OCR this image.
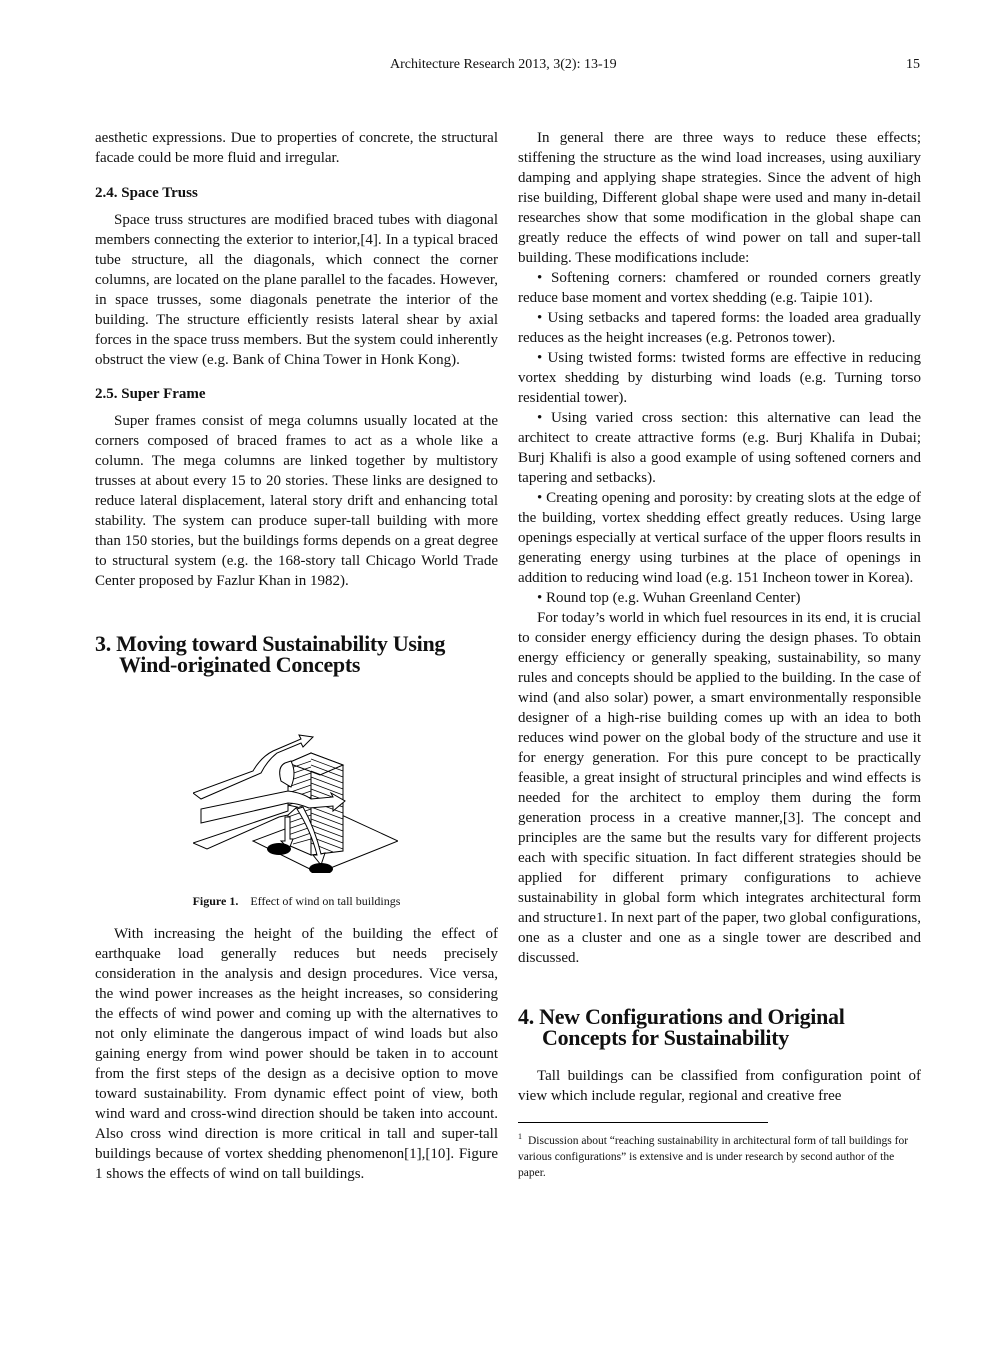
Architecture Research 2013, 3(2): 13-19	15

aesthetic expressions. Due to properties of concrete, the structural facade could be more fluid and irregular.

2.4. Space Truss

Space truss structures are modified braced tubes with diagonal members connecting the exterior to interior,[4]. In a typical braced tube structure, all the diagonals, which connect the corner columns, are located on the plane parallel to the facades. However, in space trusses, some diagonals penetrate the interior of the building. The structure efficiently resists lateral shear by axial forces in the space truss members. But the system could inherently obstruct the view (e.g. Bank of China Tower in Honk Kong).

2.5. Super Frame

Super frames consist of mega columns usually located at the corners composed of braced frames to act as a whole like a column. The mega columns are linked together by multistory trusses at about every 15 to 20 stories. These links are designed to reduce lateral displacement, lateral story drift and enhancing total stability. The system can produce super-tall building with more than 150 stories, but the buildings forms depends on a great degree to structural system (e.g. the 168-story tall Chicago World Trade Center proposed by Fazlur Khan in 1982).

3. Moving toward Sustainability Using Wind-originated Concepts
Figure 1. Effect of wind on tall buildings

With increasing the height of the building the effect of earthquake load generally reduces but needs precisely consideration in the analysis and design procedures. Vice versa, the wind power increases as the height increases, so considering the effects of wind power and coming up with the alternatives to not only eliminate the dangerous impact of wind loads but also gaining energy from wind power should be taken in to account from the first steps of the design as a decisive option to move toward sustainability. From dynamic effect point of view, both wind ward and cross-wind direction should be taken into account. Also cross wind direction is more critical in tall and super-tall buildings because of vortex shedding phenomenon[1],[10]. Figure 1 shows the effects of wind on tall buildings.

In general there are three ways to reduce these effects; stiffening the structure as the wind load increases, using auxiliary damping and applying shape strategies. Since the advent of high rise building, Different global shape were used and many in-detail researches show that some modification in the global shape can greatly reduce the effects of wind power on tall and super-tall building. These modifications include:

• Softening corners: chamfered or rounded corners greatly reduce base moment and vortex shedding (e.g. Taipie 101).

• Using setbacks and tapered forms: the loaded area gradually reduces as the height increases (e.g. Petronos tower).

• Using twisted forms: twisted forms are effective in reducing vortex shedding by disturbing wind loads (e.g. Turning torso residential tower).

• Using varied cross section: this alternative can lead the architect to create attractive forms (e.g. Burj Khalifa in Dubai; Burj Khalifi is also a good example of using softened corners and tapering and setbacks).

• Creating opening and porosity: by creating slots at the edge of the building, vortex shedding effect greatly reduces. Using large openings especially at vertical surface of the upper floors results in generating energy using turbines at the place of openings in addition to reducing wind load (e.g. 151 Incheon tower in Korea).

• Round top (e.g. Wuhan Greenland Center)

For today’s world in which fuel resources in its end, it is crucial to consider energy efficiency during the design phases. To obtain energy efficiency or generally speaking, sustainability, so many rules and concepts should be applied to the building. In the case of wind (and also solar) power, a smart environmentally responsible designer of a high-rise building comes up with an idea to both reduces wind power on the global body of the structure and use it for energy generation. For this pure concept to be practically feasible, a great insight of structural principles and wind effects is needed for the architect to employ them during the form generation process in a creative manner,[3]. The concept and principles are the same but the results vary for different projects each with specific situation. In fact different strategies should be applied for different primary configurations to achieve sustainability in global form which integrates architectural form and structure1. In next part of the paper, two global configurations, one as a cluster and one as a single tower are described and discussed.

4. New Configurations and Original Concepts for Sustainability

Tall buildings can be classified from configuration point of view which include regular, regional and creative free

$^1$ Discussion about “reaching sustainability in architectural form of tall buildings for various configurations” is extensive and is under research by second author of the paper.
